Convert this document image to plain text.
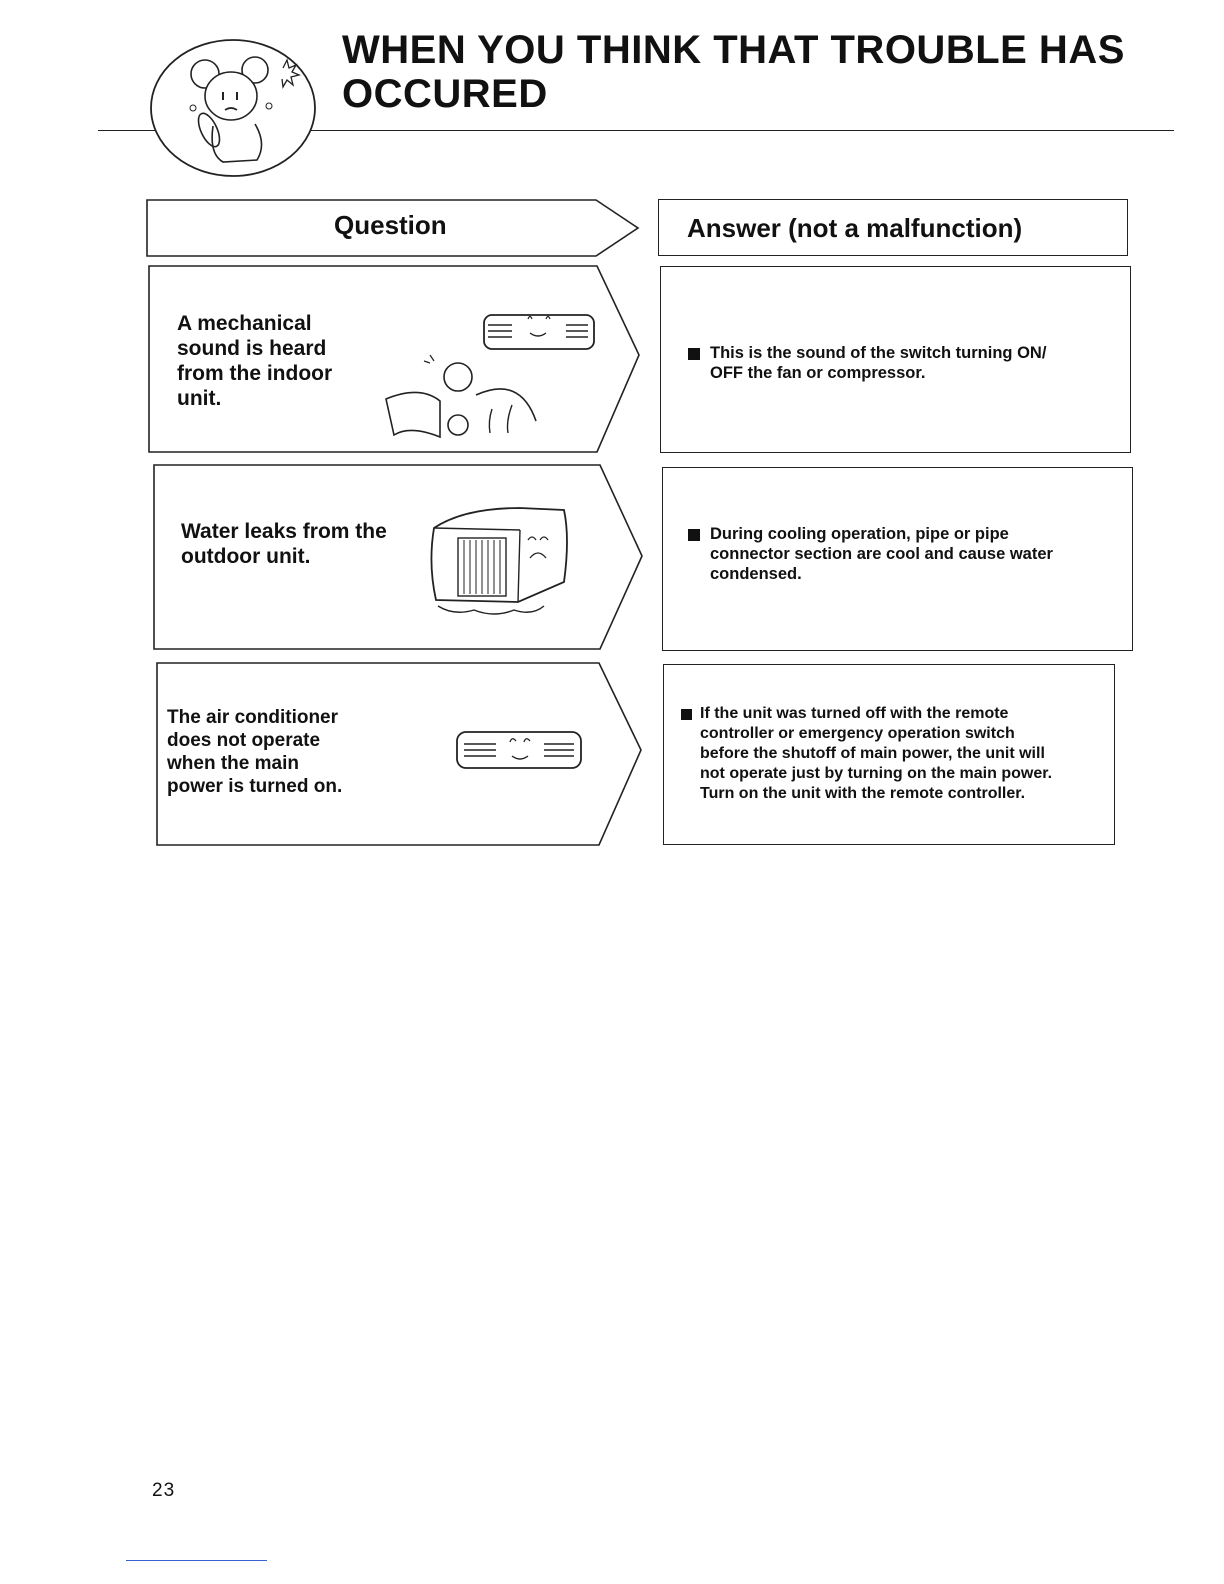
WHEN YOU THINK THAT TROUBLE HAS
OCCURED
Question	Answer (not a malfunction)
A mechanical
sound is heard
from the indoor
unit.
This is the sound of the switch turning ON/
OFF the fan or compressor.
Water leaks from the
outdoor unit.
During cooling operation, pipe or pipe
connector section are cool and cause water
condensed.
The air conditioner
does not operate
when the main
power is turned on.
If the unit was turned off with the remote
controller or emergency operation switch
before the shutoff of main power, the unit will
not operate just by turning on the main power.
Turn on the unit with the remote controller.
23
